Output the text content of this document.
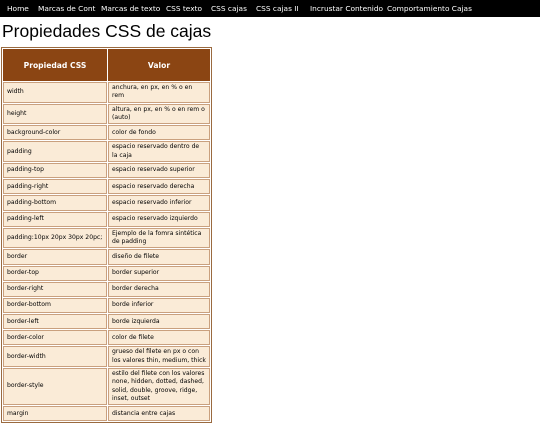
Home Marcas de Cont Marcas de texto CSS texto CSS cajas CSS cajas II Incrustar Contenido Comportamiento Cajas
Propiedades CSS de cajas
Propiedad CSS	Valor
width	anchura, en px, en % o en rem
height	altura, en px, en % o en rem o (auto)
background-color	color de fondo
padding	espacio reservado dentro de la caja
padding-top	espacio reservado superior
padding-right	espacio reservado derecha
padding-bottom	espacio reservado inferior
padding-left	espacio reservado izquierdo
padding:10px 20px 30px 20pc;	Ejemplo de la fomra sintética de padding
border	diseño de filete
border-top	border superior
border-right	border derecha
border-bottom	borde inferior
border-left	borde izquierda
border-color	color de filete
border-width	grueso del filete en px o con los valores thin, medium, thick
border-style	estilo del filete con los valores none, hidden, dotted, dashed, solid, double, groove, ridge, inset, outset
margin	distancia entre cajas
